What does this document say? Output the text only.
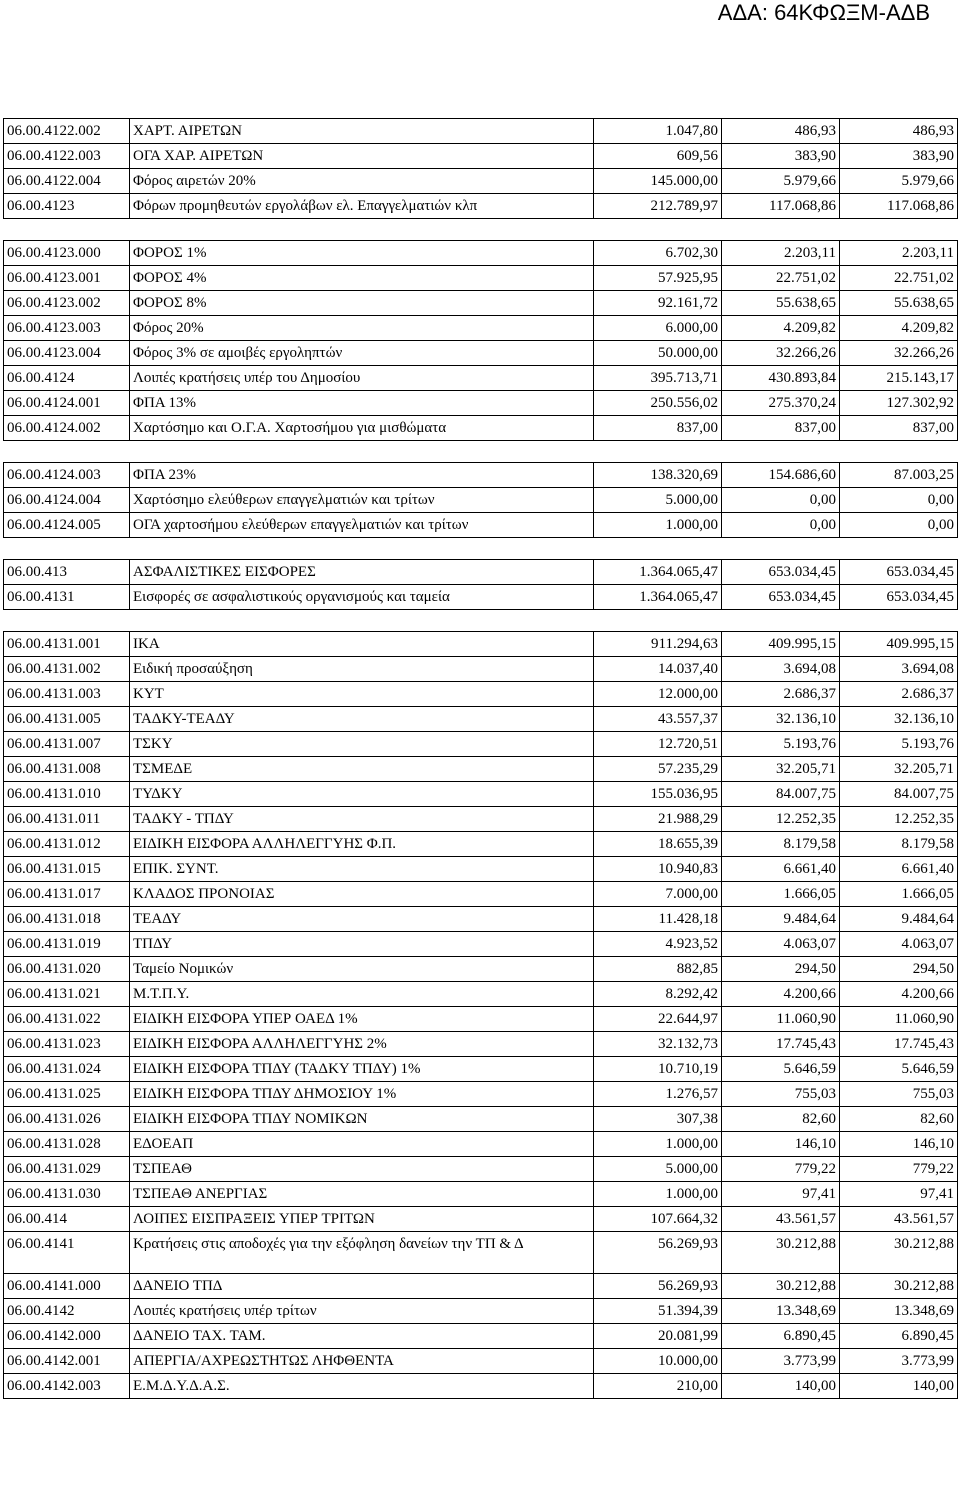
ΑΔΑ: 64ΚΦΩΞΜ-ΑΔΒ
06.00.4122.002	ΧΑΡΤ. ΑΙΡΕΤΩΝ	1.047,80	486,93	486,93
06.00.4122.003	ΟΓΑ ΧΑΡ. ΑΙΡΕΤΩΝ	609,56	383,90	383,90
06.00.4122.004	Φόρος αιρετών 20%	145.000,00	5.979,66	5.979,66
06.00.4123	Φόρων προμηθευτών εργολάβων ελ. Επαγγελματιών κλπ	212.789,97	117.068,86	117.068,86

06.00.4123.000	ΦΟΡΟΣ 1%	6.702,30	2.203,11	2.203,11
06.00.4123.001	ΦΟΡΟΣ 4%	57.925,95	22.751,02	22.751,02
06.00.4123.002	ΦΟΡΟΣ 8%	92.161,72	55.638,65	55.638,65
06.00.4123.003	Φόρος 20%	6.000,00	4.209,82	4.209,82
06.00.4123.004	Φόρος 3% σε αμοιβές εργοληπτών	50.000,00	32.266,26	32.266,26
06.00.4124	Λοιπές κρατήσεις υπέρ του Δημοσίου	395.713,71	430.893,84	215.143,17
06.00.4124.001	ΦΠΑ 13%	250.556,02	275.370,24	127.302,92
06.00.4124.002	Χαρτόσημο και Ο.Γ.Α. Χαρτοσήμου για μισθώματα	837,00	837,00	837,00

06.00.4124.003	ΦΠΑ 23%	138.320,69	154.686,60	87.003,25
06.00.4124.004	Χαρτόσημο ελεύθερων επαγγελματιών και τρίτων	5.000,00	0,00	0,00
06.00.4124.005	ΟΓΑ χαρτοσήμου ελεύθερων επαγγελματιών και τρίτων	1.000,00	0,00	0,00

06.00.413	ΑΣΦΑΛΙΣΤΙΚΕΣ ΕΙΣΦΟΡΕΣ	1.364.065,47	653.034,45	653.034,45
06.00.4131	Εισφορές σε ασφαλιστικούς οργανισμούς και ταμεία	1.364.065,47	653.034,45	653.034,45

06.00.4131.001	ΙΚΑ	911.294,63	409.995,15	409.995,15
06.00.4131.002	Ειδική προσαύξηση	14.037,40	3.694,08	3.694,08
06.00.4131.003	ΚΥΤ	12.000,00	2.686,37	2.686,37
06.00.4131.005	ΤΑΔΚΥ-ΤΕΑΔΥ	43.557,37	32.136,10	32.136,10
06.00.4131.007	ΤΣΚΥ	12.720,51	5.193,76	5.193,76
06.00.4131.008	ΤΣΜΕΔΕ	57.235,29	32.205,71	32.205,71
06.00.4131.010	ΤΥΔΚΥ	155.036,95	84.007,75	84.007,75
06.00.4131.011	ΤΑΔΚΥ - ΤΠΔΥ	21.988,29	12.252,35	12.252,35
06.00.4131.012	ΕΙΔΙΚΗ ΕΙΣΦΟΡΑ ΑΛΛΗΛΕΓΓΥΗΣ Φ.Π.	18.655,39	8.179,58	8.179,58
06.00.4131.015	ΕΠΙΚ. ΣΥΝΤ.	10.940,83	6.661,40	6.661,40
06.00.4131.017	ΚΛΑΔΟΣ ΠΡΟΝΟΙΑΣ	7.000,00	1.666,05	1.666,05
06.00.4131.018	ΤΕΑΔΥ	11.428,18	9.484,64	9.484,64
06.00.4131.019	ΤΠΔΥ	4.923,52	4.063,07	4.063,07
06.00.4131.020	Ταμείο Νομικών	882,85	294,50	294,50
06.00.4131.021	Μ.Τ.Π.Υ.	8.292,42	4.200,66	4.200,66
06.00.4131.022	ΕΙΔΙΚΗ ΕΙΣΦΟΡΑ ΥΠΕΡ ΟΑΕΔ 1%	22.644,97	11.060,90	11.060,90
06.00.4131.023	ΕΙΔΙΚΗ ΕΙΣΦΟΡΑ ΑΛΛΗΛΕΓΓΥΗΣ 2%	32.132,73	17.745,43	17.745,43
06.00.4131.024	ΕΙΔΙΚΗ ΕΙΣΦΟΡΑ ΤΠΔΥ (ΤΑΔΚΥ ΤΠΔΥ) 1%	10.710,19	5.646,59	5.646,59
06.00.4131.025	ΕΙΔΙΚΗ ΕΙΣΦΟΡΑ ΤΠΔΥ ΔΗΜΟΣΙΟΥ 1%	1.276,57	755,03	755,03
06.00.4131.026	ΕΙΔΙΚΗ ΕΙΣΦΟΡΑ ΤΠΔΥ ΝΟΜΙΚΩΝ	307,38	82,60	82,60
06.00.4131.028	ΕΔΟΕΑΠ	1.000,00	146,10	146,10
06.00.4131.029	ΤΣΠΕΑΘ	5.000,00	779,22	779,22
06.00.4131.030	ΤΣΠΕΑΘ ΑΝΕΡΓΙΑΣ	1.000,00	97,41	97,41
06.00.414	ΛΟΙΠΕΣ ΕΙΣΠΡΑΞΕΙΣ ΥΠΕΡ ΤΡΙΤΩΝ	107.664,32	43.561,57	43.561,57
06.00.4141	Κρατήσεις στις αποδοχές για την εξόφληση δανείων την ΤΠ & Δ	56.269,93	30.212,88	30.212,88
06.00.4141.000	ΔΑΝΕΙΟ ΤΠΔ	56.269,93	30.212,88	30.212,88
06.00.4142	Λοιπές κρατήσεις υπέρ τρίτων	51.394,39	13.348,69	13.348,69
06.00.4142.000	ΔΑΝΕΙΟ ΤΑΧ. ΤΑΜ.	20.081,99	6.890,45	6.890,45
06.00.4142.001	ΑΠΕΡΓΙΑ/ΑΧΡΕΩΣΤΗΤΩΣ ΛΗΦΘΕΝΤΑ	10.000,00	3.773,99	3.773,99
06.00.4142.003	Ε.Μ.Δ.Υ.Δ.Α.Σ.	210,00	140,00	140,00
